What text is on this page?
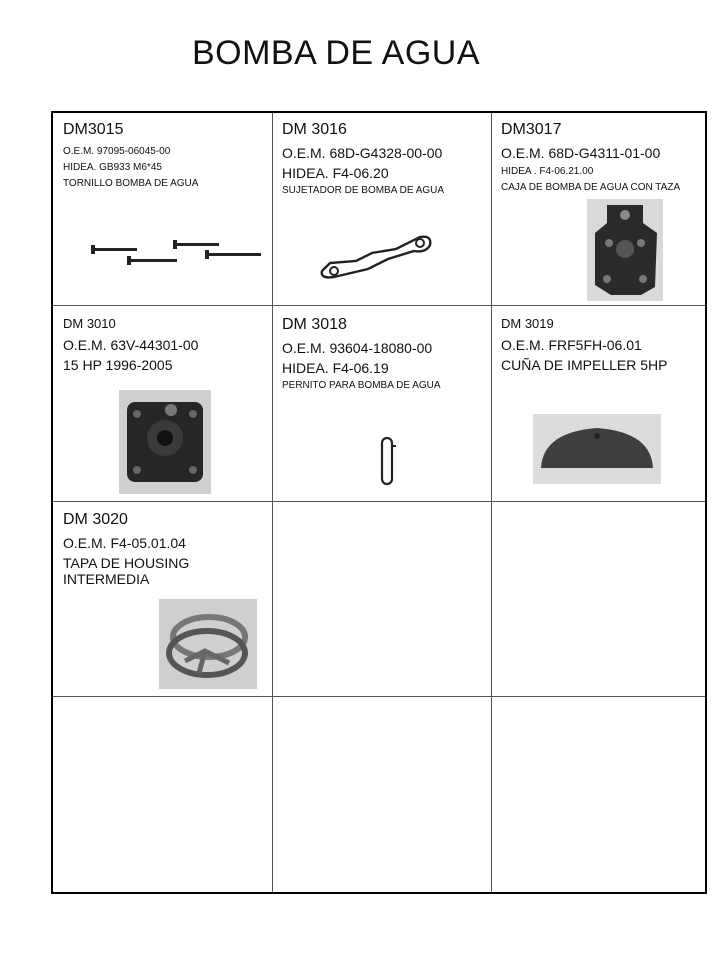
BOMBA DE AGUA
DM3015
O.E.M. 97095-06045-00
HIDEA. GB933 M6*45
TORNILLO BOMBA DE AGUA
DM 3016
O.E.M. 68D-G4328-00-00
HIDEA. F4-06.20
SUJETADOR DE BOMBA DE AGUA
DM3017
O.E.M. 68D-G4311-01-00
HIDEA . F4-06.21.00
CAJA DE BOMBA DE AGUA CON TAZA
DM 3010
O.E.M. 63V-44301-00
15 HP 1996-2005
DM 3018
O.E.M. 93604-18080-00
HIDEA. F4-06.19
PERNITO PARA BOMBA DE AGUA
DM 3019
O.E.M. FRF5FH-06.01
CUÑA DE IMPELLER 5HP
DM 3020
O.E.M. F4-05.01.04
TAPA DE HOUSING INTERMEDIA
